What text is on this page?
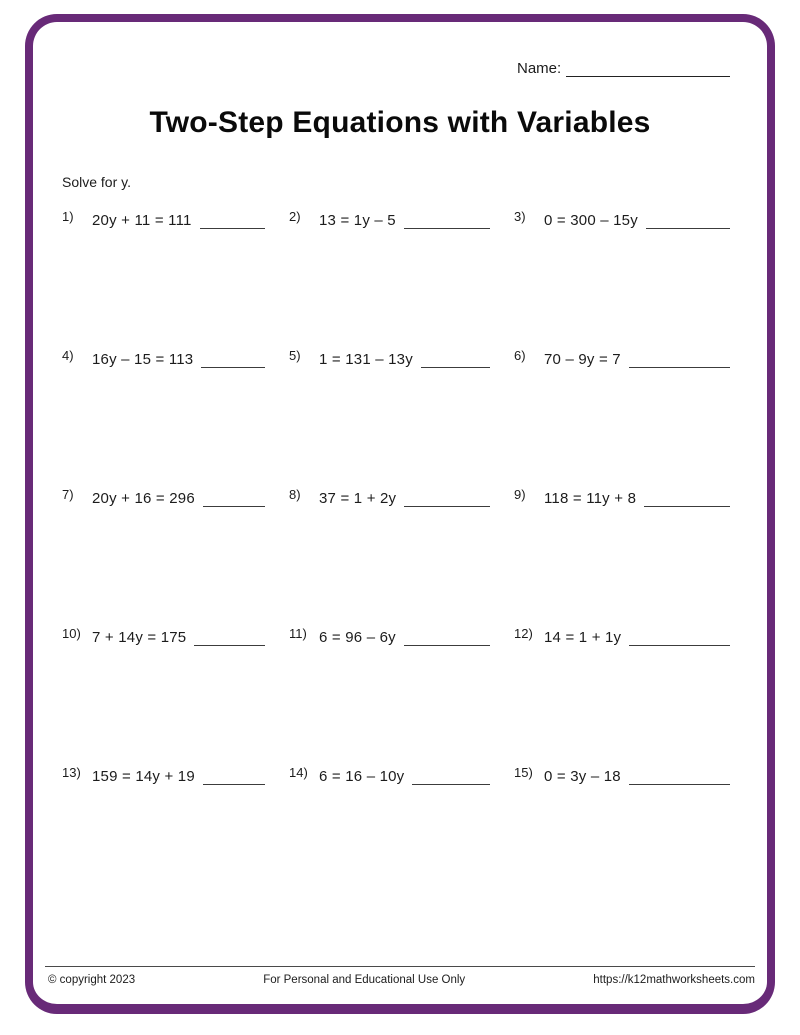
Name:
Two-Step Equations with Variables
Solve for y.
1)	20y + 11 = 111	2)	13 = 1y – 5	3)	0 = 300 – 15y
4)	16y – 15 = 113	5)	1 = 131 – 13y	6)	70 – 9y = 7
7)	20y + 16 = 296	8)	37 = 1 + 2y	9)	118 = 11y + 8
10) 7 + 14y = 175	11) 6 = 96 – 6y	12) 14 = 1 + 1y
13) 159 = 14y + 19	14) 6 = 16 – 10y	15) 0 = 3y – 18
© copyright 2023	For Personal and Educational Use Only	https://k12mathworksheets.com
